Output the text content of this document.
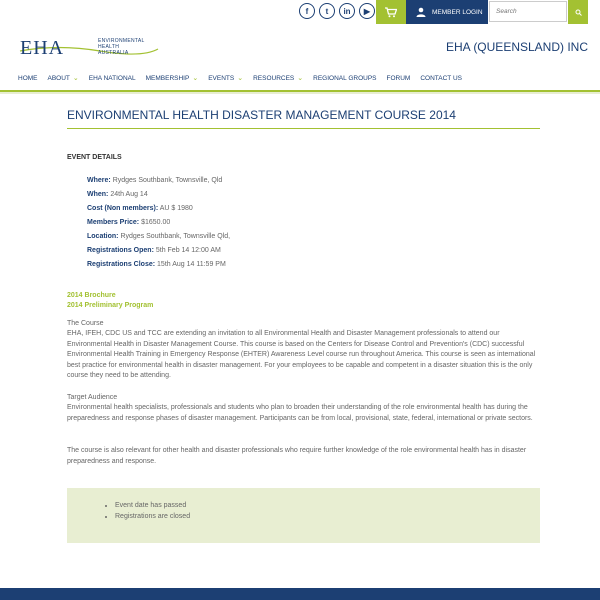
f t in ▶	MEMBER LOGIN
Search
EHA	ENVIRONMENTAL
HEALTH
AUSTRALIA	EHA (QUEENSLAND) INC
HOME ABOUT ⌄ EHA NATIONAL MEMBERSHIP ⌄ EVENTS ⌄ RESOURCES ⌄ REGIONAL GROUPS FORUM CONTACT US
ENVIRONMENTAL HEALTH DISASTER MANAGEMENT COURSE 2014
EVENT DETAILS
Where: Rydges Southbank, Townsville, Qld
When: 24th Aug 14
Cost (Non members): AU $ 1980
Members Price: $1650.00
Location: Rydges Southbank, Townsville Qld,
Registrations Open: 5th Feb 14 12:00 AM
Registrations Close: 15th Aug 14 11:59 PM
2014 Brochure
2014 Preliminary Program
The Course
EHA, IFEH, CDC US and TCC are extending an invitation to all Environmental Health and Disaster Management professionals to attend our Environmental Health in Disaster Management Course. This course is based on the Centers for Disease Control and Prevention's (CDC) successful Environmental Health Training in Emergency Response (EHTER) Awareness Level course run throughout America. This course is seen as international best practice for environmental health in disaster management. For your employees to be capable and competent in a disaster situation this is the only course they need to be attending.
Target Audience
Environmental health specialists, professionals and students who plan to broaden their understanding of the role environmental health has during the preparedness and response phases of disaster management. Participants can be from local, provisional, state, federal, international or private sectors.
The course is also relevant for other health and disaster professionals who require further knowledge of the role environmental health has in disaster preparedness and response.
• Event date has passed
• Registrations are closed
